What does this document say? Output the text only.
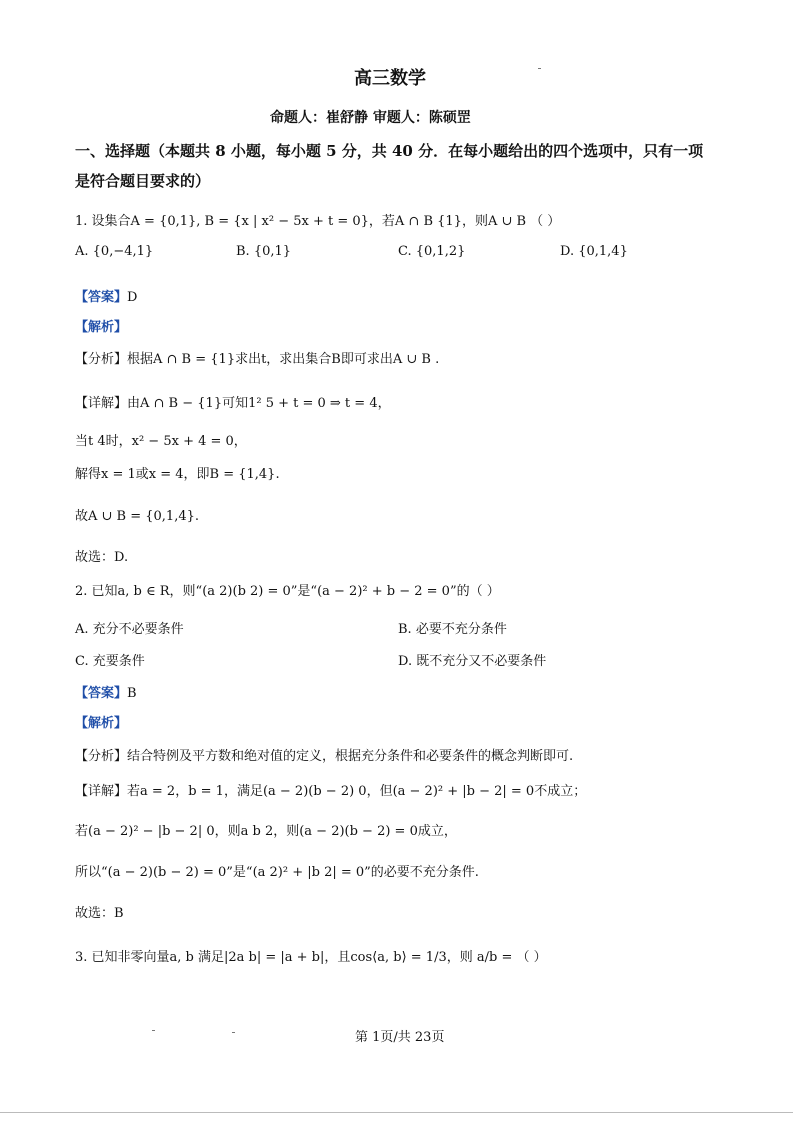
高三数学
命题人：崔舒静 审题人：陈硕罡
一、选择题（本题共 8 小题，每小题 5 分，共 40 分．在每小题给出的四个选项中，只有一项
是符合题目要求的）
1. 设集合A = {0,1}, B = {x | x² − 5x + t = 0}，若A ∩ B {1}，则A ∪ B （ ）
A. {0,−4,1}	B. {0,1}	C. {0,1,2}	D. {0,1,4}
【答案】D
【解析】
【分析】根据A ∩ B = {1}求出t，求出集合B即可求出A ∪ B .
【详解】由A ∩ B − {1}可知1² 5 + t = 0 ⇒ t = 4，
当t 4时，x² − 5x + 4 = 0，
解得x = 1或x = 4，即B = {1,4}.
故A ∪ B = {0,1,4}.
故选：D.
2. 已知a, b ∈ R，则“(a 2)(b 2) = 0”是“(a − 2)² + b − 2 = 0”的（ ）
A. 充分不必要条件	B. 必要不充分条件
C. 充要条件	D. 既不充分又不必要条件
【答案】B
【解析】
【分析】结合特例及平方数和绝对值的定义，根据充分条件和必要条件的概念判断即可.
【详解】若a = 2，b = 1，满足(a − 2)(b − 2) 0，但(a − 2)² + |b − 2| = 0不成立；
若(a − 2)² − |b − 2| 0，则a b 2，则(a − 2)(b − 2) = 0成立，
所以“(a − 2)(b − 2) = 0”是“(a 2)² + |b 2| = 0”的必要不充分条件.
故选：B
3. 已知非零向量a, b 满足|2a b| = |a + b|，且cos⟨a, b⟩ = 1/3，则 a/b = （ ）
第 1页/共 23页
